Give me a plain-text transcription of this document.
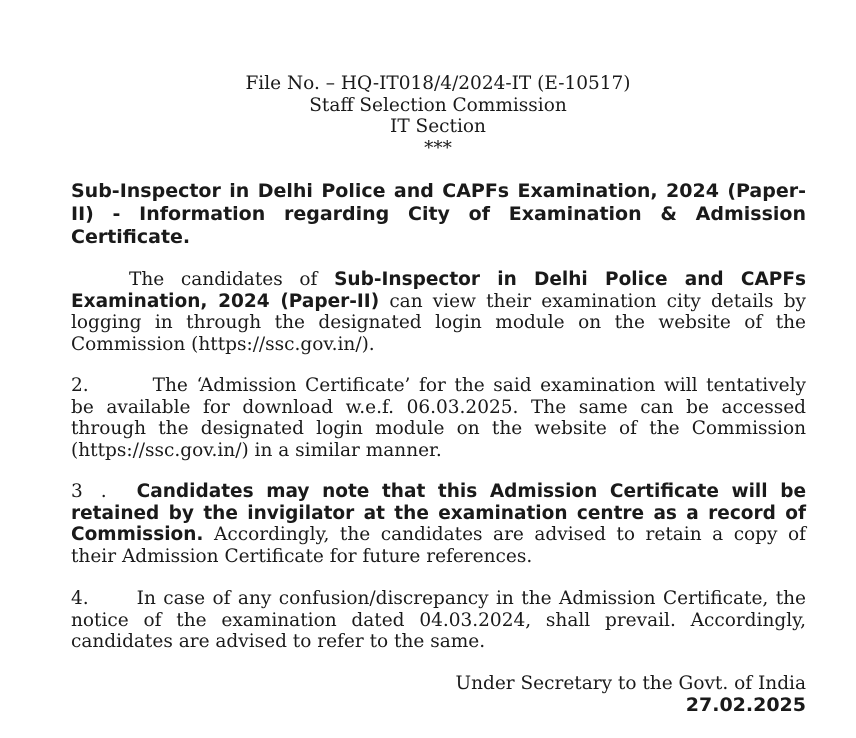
File No. – HQ-IT018/4/2024-IT (E-10517)
Staff Selection Commission
IT Section
***
Sub-Inspector in Delhi Police and CAPFs Examination, 2024 (Paper-II) - Information regarding City of Examination & Admission Certificate.
The candidates of Sub-Inspector in Delhi Police and CAPFs Examination, 2024 (Paper-II) can view their examination city details by logging in through the designated login module on the website of the Commission (https://ssc.gov.in/).
2.	The ‘Admission Certificate’ for the said examination will tentatively be available for download w.e.f. 06.03.2025. The same can be accessed through the designated login module on the website of the Commission (https://ssc.gov.in/) in a similar manner.
3 . Candidates may note that this Admission Certificate will be retained by the invigilator at the examination centre as a record of Commission. Accordingly, the candidates are advised to retain a copy of their Admission Certificate for future references.
4.	In case of any confusion/discrepancy in the Admission Certificate, the notice of the examination dated 04.03.2024, shall prevail. Accordingly, candidates are advised to refer to the same.
Under Secretary to the Govt. of India
27.02.2025
